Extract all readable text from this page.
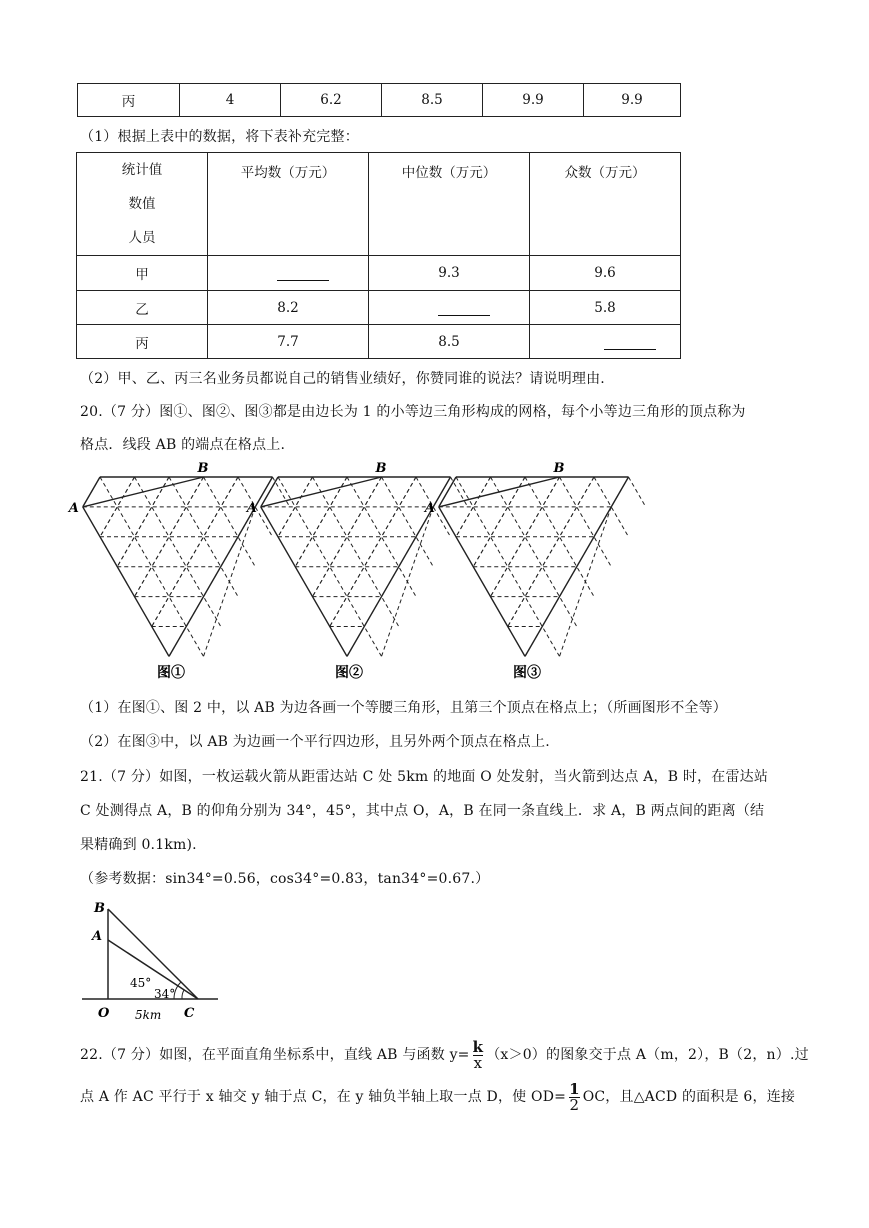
丙	4	6.2	8.5	9.9	9.9
（1）根据上表中的数据，将下表补充完整：
统计值
数值
人员	平均数（万元）	中位数（万元）	众数（万元）
甲		9.3	9.6
乙	8.2		5.8
丙	7.7	8.5	
（2）甲、乙、丙三名业务员都说自己的销售业绩好，你赞同谁的说法？请说明理由.
20.（7 分）图①、图②、图③都是由边长为 1 的小等边三角形构成的网格，每个小等边三角形的顶点称为
格点．线段 AB 的端点在格点上.
A
B
图①
A
B
图②
A
B
图③
（1）在图①、图 2 中，以 AB 为边各画一个等腰三角形，且第三个顶点在格点上；（所画图形不全等）
（2）在图③中，以 AB 为边画一个平行四边形，且另外两个顶点在格点上.
21.（7 分）如图，一枚运载火箭从距雷达站 C 处 5km 的地面 O 处发射，当火箭到达点 A，B 时，在雷达站
C 处测得点 A，B 的仰角分别为 34°，45°，其中点 O，A，B 在同一条直线上．求 A，B 两点间的距离（结
果精确到 0.1km).
（参考数据：sin34°=0.56，cos34°=0.83，tan34°=0.67.）
B
A
O	C
45°
34°
5km
22.（7 分）如图，在平面直角坐标系中，直线 AB 与函数 $y= \frac{k}{x} (x>0)$的图象交于点 A（m，2），B（2，n）.过
点 A 作 AC 平行于 x 轴交 y 轴于点 C，在 y 轴负半轴上取一点 D，使 $OD= \frac{1}{2}$ OC，且△ACD 的面积是 6，连接
